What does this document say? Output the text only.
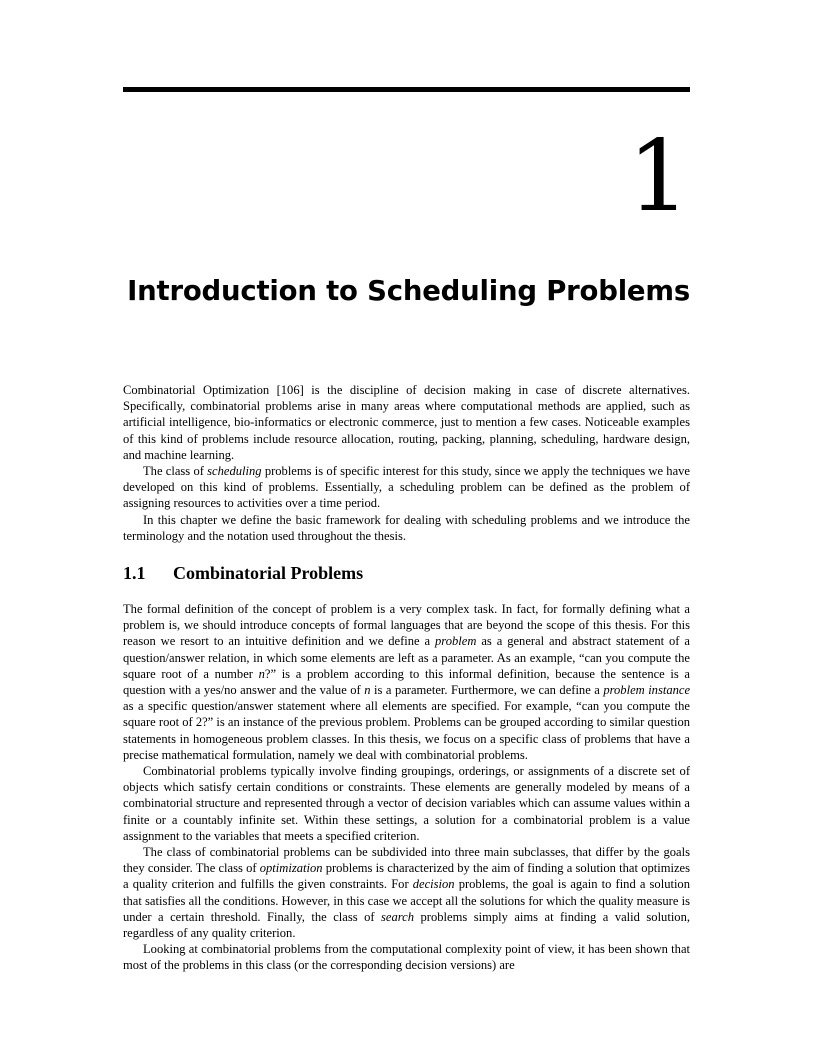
1
Introduction to Scheduling Problems

Combinatorial Optimization [106] is the discipline of decision making in case of discrete alternatives. Specifically, combinatorial problems arise in many areas where computational methods are applied, such as artificial intelligence, bio-informatics or electronic commerce, just to mention a few cases. Noticeable examples of this kind of problems include resource allocation, routing, packing, planning, scheduling, hardware design, and machine learning.

The class of scheduling problems is of specific interest for this study, since we apply the techniques we have developed on this kind of problems. Essentially, a scheduling problem can be defined as the problem of assigning resources to activities over a time period.

In this chapter we define the basic framework for dealing with scheduling problems and we introduce the terminology and the notation used throughout the thesis.

1.1 Combinatorial Problems

The formal definition of the concept of problem is a very complex task. In fact, for formally defining what a problem is, we should introduce concepts of formal languages that are beyond the scope of this thesis. For this reason we resort to an intuitive definition and we define a problem as a general and abstract statement of a question/answer relation, in which some elements are left as a parameter. As an example, “can you compute the square root of a number n?” is a problem according to this informal definition, because the sentence is a question with a yes/no answer and the value of n is a parameter. Furthermore, we can define a problem instance as a specific question/answer statement where all elements are specified. For example, “can you compute the square root of 2?” is an instance of the previous problem. Problems can be grouped according to similar question statements in homogeneous problem classes. In this thesis, we focus on a specific class of problems that have a precise mathematical formulation, namely we deal with combinatorial problems.

Combinatorial problems typically involve finding groupings, orderings, or assignments of a discrete set of objects which satisfy certain conditions or constraints. These elements are generally modeled by means of a combinatorial structure and represented through a vector of decision variables which can assume values within a finite or a countably infinite set. Within these settings, a solution for a combinatorial problem is a value assignment to the variables that meets a specified criterion.

The class of combinatorial problems can be subdivided into three main subclasses, that differ by the goals they consider. The class of optimization problems is characterized by the aim of finding a solution that optimizes a quality criterion and fulfills the given constraints. For decision problems, the goal is again to find a solution that satisfies all the conditions. However, in this case we accept all the solutions for which the quality measure is under a certain threshold. Finally, the class of search problems simply aims at finding a valid solution, regardless of any quality criterion.

Looking at combinatorial problems from the computational complexity point of view, it has been shown that most of the problems in this class (or the corresponding decision versions) are
